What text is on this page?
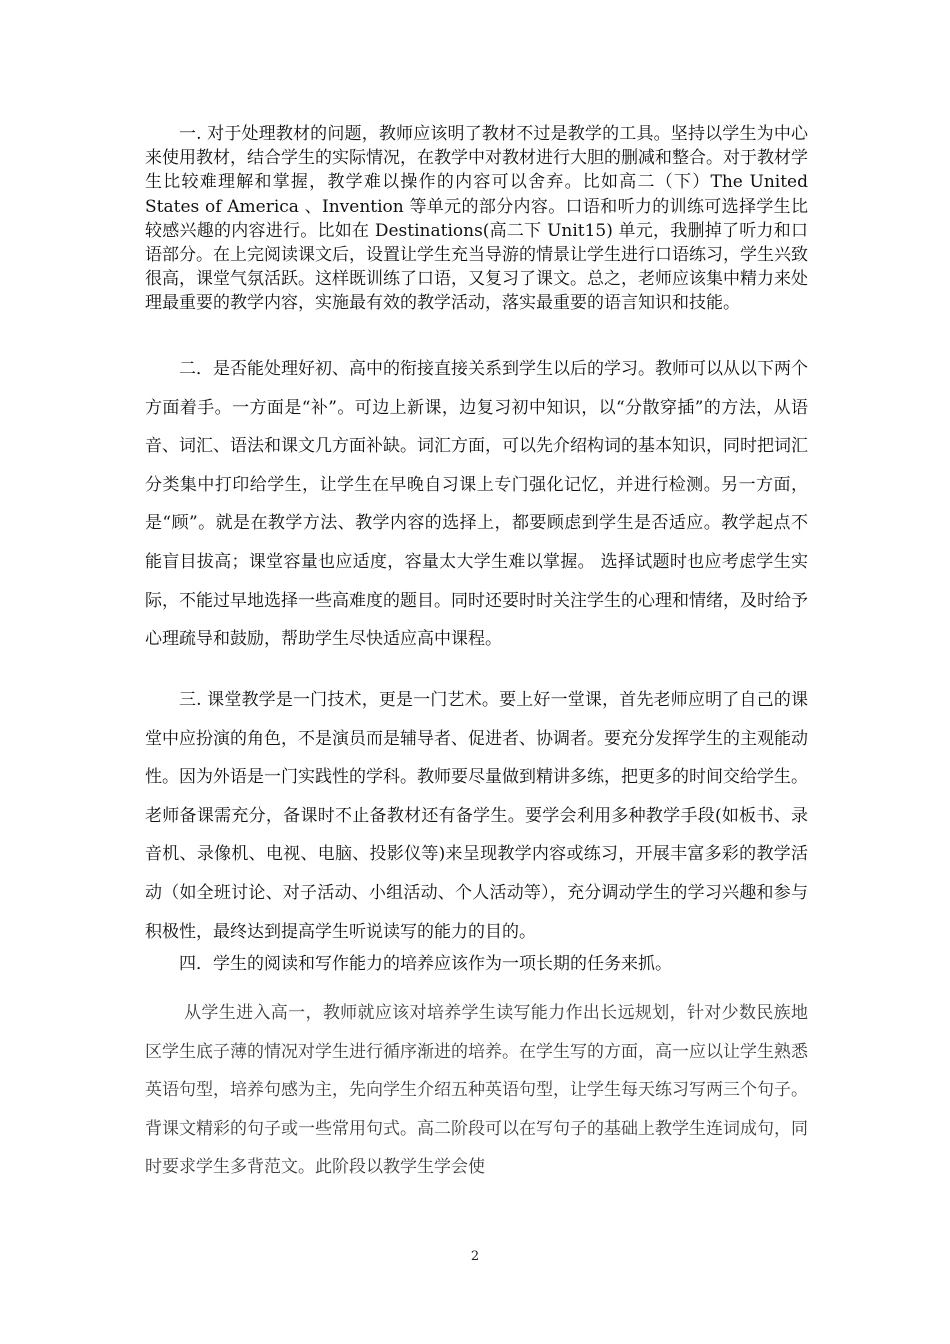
一. 对于处理教材的问题，教师应该明了教材不过是教学的工具。坚持以学生为中心来使用教材，结合学生的实际情况，在教学中对教材进行大胆的删减和整合。对于教材学生比较难理解和掌握，教学难以操作的内容可以舍弃。比如高二（下）The United States of America 、Invention 等单元的部分内容。口语和听力的训练可选择学生比较感兴趣的内容进行。比如在 Destinations(高二下 Unit15) 单元，我删掉了听力和口语部分。在上完阅读课文后，设置让学生充当导游的情景让学生进行口语练习，学生兴致很高，课堂气氛活跃。这样既训练了口语，又复习了课文。总之，老师应该集中精力来处理最重要的教学内容，实施最有效的教学活动，落实最重要的语言知识和技能。

二．是否能处理好初、高中的衔接直接关系到学生以后的学习。教师可以从以下两个方面着手。一方面是“补”。可边上新课，边复习初中知识，以“分散穿插”的方法，从语音、词汇、语法和课文几方面补缺。词汇方面，可以先介绍构词的基本知识，同时把词汇分类集中打印给学生，让学生在早晚自习课上专门强化记忆，并进行检测。另一方面，是“顾”。就是在教学方法、教学内容的选择上，都要顾虑到学生是否适应。教学起点不能盲目拔高；课堂容量也应适度，容量太大学生难以掌握。 选择试题时也应考虑学生实际，不能过早地选择一些高难度的题目。同时还要时时关注学生的心理和情绪，及时给予心理疏导和鼓励，帮助学生尽快适应高中课程。

三. 课堂教学是一门技术，更是一门艺术。要上好一堂课，首先老师应明了自己的课堂中应扮演的角色，不是演员而是辅导者、促进者、协调者。要充分发挥学生的主观能动性。因为外语是一门实践性的学科。教师要尽量做到精讲多练，把更多的时间交给学生。老师备课需充分，备课时不止备教材还有备学生。要学会利用多种教学手段(如板书、录音机、录像机、电视、电脑、投影仪等)来呈现教学内容或练习，开展丰富多彩的教学活动（如全班讨论、对子活动、小组活动、个人活动等），充分调动学生的学习兴趣和参与积极性，最终达到提高学生听说读写的能力的目的。

四．学生的阅读和写作能力的培养应该作为一项长期的任务来抓。

从学生进入高一，教师就应该对培养学生读写能力作出长远规划，针对少数民族地区学生底子薄的情况对学生进行循序渐进的培养。在学生写的方面，高一应以让学生熟悉英语句型，培养句感为主，先向学生介绍五种英语句型，让学生每天练习写两三个句子。背课文精彩的句子或一些常用句式。高二阶段可以在写句子的基础上教学生连词成句，同时要求学生多背范文。此阶段以教学生学会使

2
